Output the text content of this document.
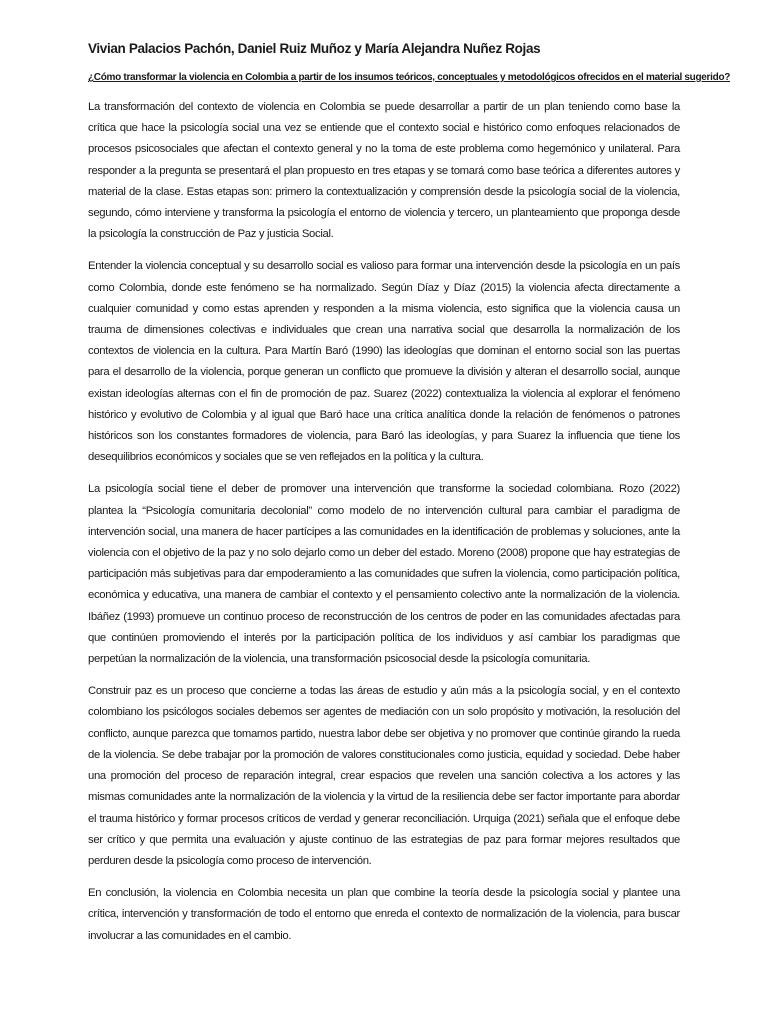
Vivian Palacios Pachón, Daniel Ruiz Muñoz y María Alejandra Nuñez Rojas
¿Cómo transformar la violencia en Colombia a partir de los insumos teóricos, conceptuales y metodológicos ofrecidos en el material sugerido?

La transformación del contexto de violencia en Colombia se puede desarrollar a partir de un plan teniendo como base la crítica que hace la psicología social una vez se entiende que el contexto social e histórico como enfoques relacionados de procesos psicosociales que afectan el contexto general y no la toma de este problema como hegemónico y unilateral. Para responder a la pregunta se presentará el plan propuesto en tres etapas y se tomará como base teórica a diferentes autores y material de la clase. Estas etapas son: primero la contextualización y comprensión desde la psicología social de la violencia, segundo, cómo interviene y transforma la psicología el entorno de violencia y tercero, un planteamiento que proponga desde la psicología la construcción de Paz y justicia Social.

Entender la violencia conceptual y su desarrollo social es valioso para formar una intervención desde la psicología en un país como Colombia, donde este fenómeno se ha normalizado. Según Díaz y Díaz (2015) la violencia afecta directamente a cualquier comunidad y como estas aprenden y responden a la misma violencia, esto significa que la violencia causa un trauma de dimensiones colectivas e individuales que crean una narrativa social que desarrolla la normalización de los contextos de violencia en la cultura. Para Martín Baró (1990) las ideologías que dominan el entorno social son las puertas para el desarrollo de la violencia, porque generan un conflicto que promueve la división y alteran el desarrollo social, aunque existan ideologías alternas con el fin de promoción de paz. Suarez (2022) contextualiza la violencia al explorar el fenómeno histórico y evolutivo de Colombia y al igual que Baró hace una crítica analítica donde la relación de fenómenos o patrones históricos son los constantes formadores de violencia, para Baró las ideologías, y para Suarez la influencia que tiene los desequilibrios económicos y sociales que se ven reflejados en la política y la cultura.

La psicología social tiene el deber de promover una intervención que transforme la sociedad colombiana. Rozo (2022) plantea la “Psicología comunitaria decolonial” como modelo de no intervención cultural para cambiar el paradigma de intervención social, una manera de hacer partícipes a las comunidades en la identificación de problemas y soluciones, ante la violencia con el objetivo de la paz y no solo dejarlo como un deber del estado. Moreno (2008) propone que hay estrategias de participación más subjetivas para dar empoderamiento a las comunidades que sufren la violencia, como participación política, económica y educativa, una manera de cambiar el contexto y el pensamiento colectivo ante la normalización de la violencia. Ibáñez (1993) promueve un continuo proceso de reconstrucción de los centros de poder en las comunidades afectadas para que continúen promoviendo el interés por la participación política de los individuos y así cambiar los paradigmas que perpetúan la normalización de la violencia, una transformación psicosocial desde la psicología comunitaria.

Construir paz es un proceso que concierne a todas las áreas de estudio y aún más a la psicología social, y en el contexto colombiano los psicólogos sociales debemos ser agentes de mediación con un solo propósito y motivación, la resolución del conflicto, aunque parezca que tomamos partido, nuestra labor debe ser objetiva y no promover que continúe girando la rueda de la violencia. Se debe trabajar por la promoción de valores constitucionales como justicia, equidad y sociedad. Debe haber una promoción del proceso de reparación integral, crear espacios que revelen una sanción colectiva a los actores y las mismas comunidades ante la normalización de la violencia y la virtud de la resiliencia debe ser factor importante para abordar el trauma histórico y formar procesos críticos de verdad y generar reconciliación. Urquiga (2021) señala que el enfoque debe ser crítico y que permita una evaluación y ajuste continuo de las estrategias de paz para formar mejores resultados que perduren desde la psicología como proceso de intervención.

En conclusión, la violencia en Colombia necesita un plan que combine la teoría desde la psicología social y plantee una crítica, intervención y transformación de todo el entorno que enreda el contexto de normalización de la violencia, para buscar involucrar a las comunidades en el cambio.
